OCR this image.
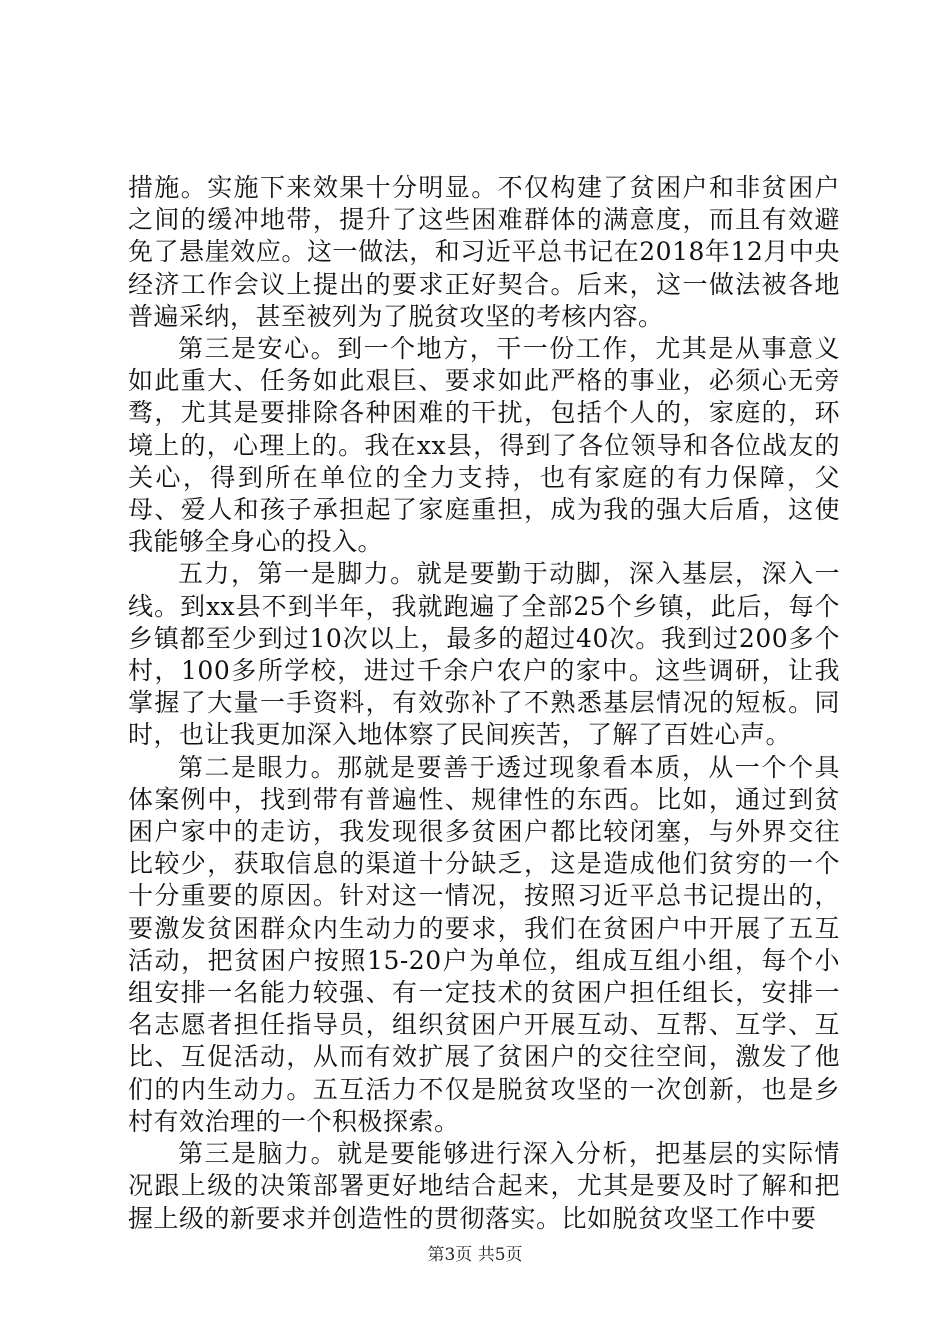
措施。实施下来效果十分明显。不仅构建了贫困户和非贫困户之间的缓冲地带，提升了这些困难群体的满意度，而且有效避免了悬崖效应。这一做法，和习近平总书记在2018年12月中央经济工作会议上提出的要求正好契合。后来，这一做法被各地普遍采纳，甚至被列为了脱贫攻坚的考核内容。

第三是安心。到一个地方，干一份工作，尤其是从事意义如此重大、任务如此艰巨、要求如此严格的事业，必须心无旁骛，尤其是要排除各种困难的干扰，包括个人的，家庭的，环境上的，心理上的。我在xx县，得到了各位领导和各位战友的关心，得到所在单位的全力支持，也有家庭的有力保障，父母、爱人和孩子承担起了家庭重担，成为我的强大后盾，这使我能够全身心的投入。

五力，第一是脚力。就是要勤于动脚，深入基层，深入一线。到xx县不到半年，我就跑遍了全部25个乡镇，此后，每个乡镇都至少到过10次以上，最多的超过40次。我到过200多个村，100多所学校，进过千余户农户的家中。这些调研，让我掌握了大量一手资料，有效弥补了不熟悉基层情况的短板。同时，也让我更加深入地体察了民间疾苦，了解了百姓心声。

第二是眼力。那就是要善于透过现象看本质，从一个个具体案例中，找到带有普遍性、规律性的东西。比如，通过到贫困户家中的走访，我发现很多贫困户都比较闭塞，与外界交往比较少，获取信息的渠道十分缺乏，这是造成他们贫穷的一个十分重要的原因。针对这一情况，按照习近平总书记提出的，要激发贫困群众内生动力的要求，我们在贫困户中开展了五互活动，把贫困户按照15-20户为单位，组成互组小组，每个小组安排一名能力较强、有一定技术的贫困户担任组长，安排一名志愿者担任指导员，组织贫困户开展互动、互帮、互学、互比、互促活动，从而有效扩展了贫困户的交往空间，激发了他们的内生动力。五互活力不仅是脱贫攻坚的一次创新，也是乡村有效治理的一个积极探索。

第三是脑力。就是要能够进行深入分析，把基层的实际情况跟上级的决策部署更好地结合起来，尤其是要及时了解和把握上级的新要求并创造性的贯彻落实。比如脱贫攻坚工作中要

第3页 共5页
